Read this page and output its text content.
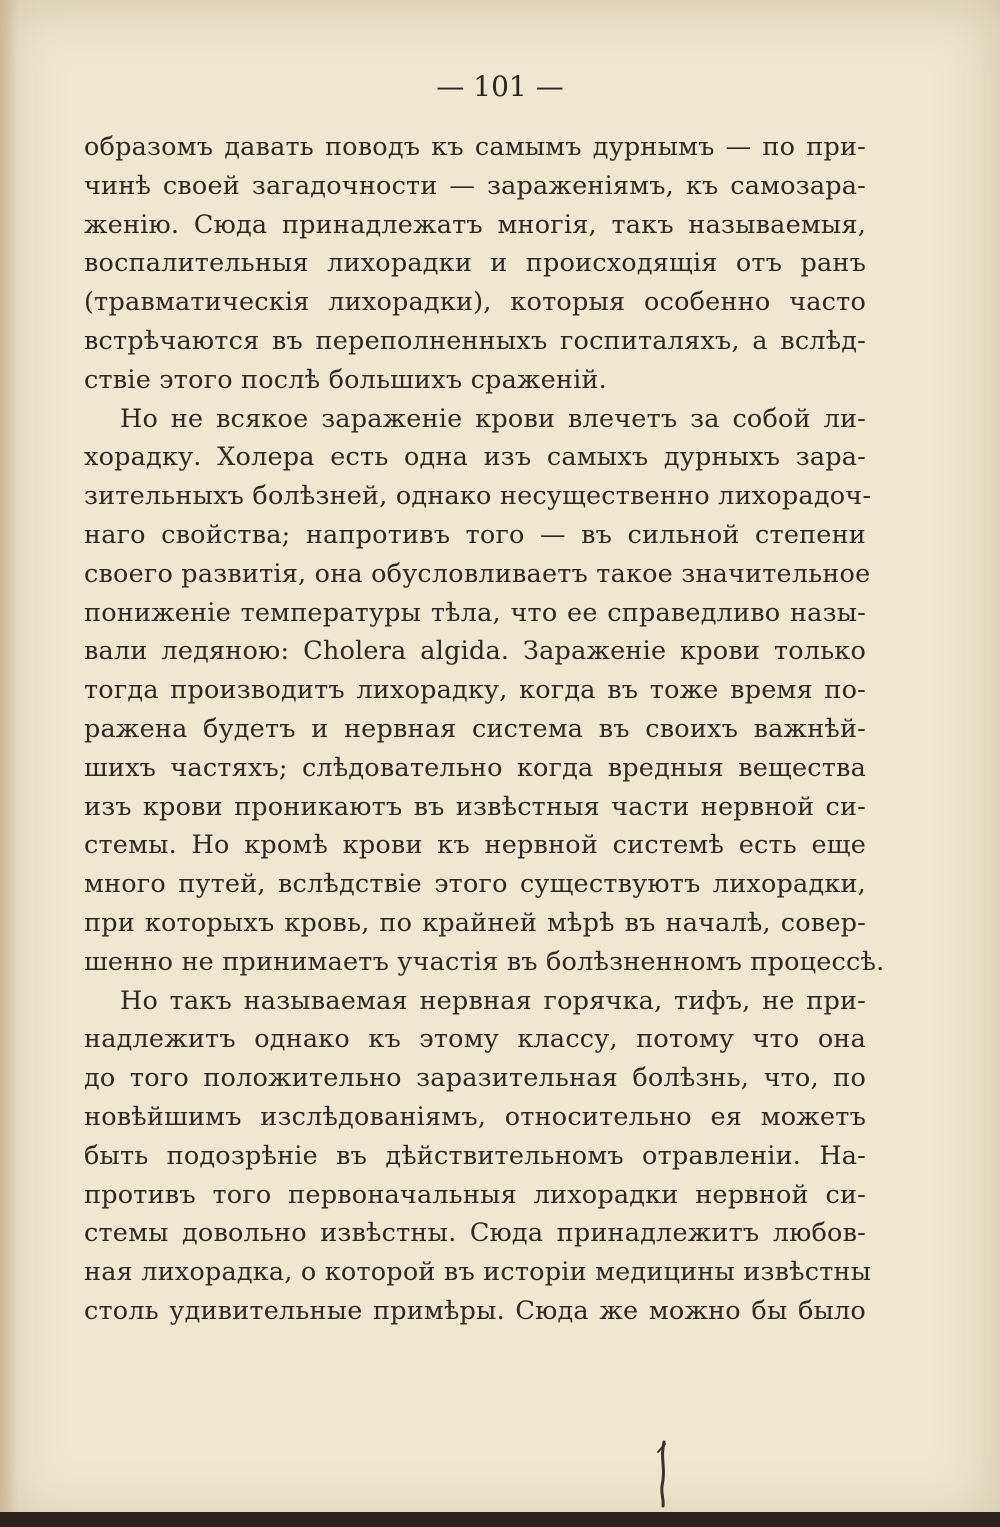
— 101 —
образомъ давать поводъ къ самымъ дурнымъ — по при-
чинѣ своей загадочности — зараженiямъ, къ самозара-
женiю. Сюда принадлежатъ многiя, такъ называемыя,
воспалительныя лихорадки и происходящiя отъ ранъ
(травматическiя лихорадки), которыя особенно часто
встрѣчаются въ переполненныхъ госпиталяхъ, а вслѣд-
ствiе этого послѣ большихъ сраженiй.
Но не всякое зараженiе крови влечетъ за собой ли-
хорадку. Холера есть одна изъ самыхъ дурныхъ зара-
зительныхъ болѣзней, однако несущественно лихорадоч-
наго свойства; напротивъ того — въ сильной степени
своего развитiя, она обусловливаетъ такое значительное
пониженiе температуры тѣла, что ее справедливо назы-
вали ледяною: Cholera algida. Зараженiе крови только
тогда производитъ лихорадку, когда въ тоже время по-
ражена будетъ и нервная система въ своихъ важнѣй-
шихъ частяхъ; слѣдовательно когда вредныя вещества
изъ крови проникаютъ въ извѣстныя части нервной си-
стемы. Но кромѣ крови къ нервной системѣ есть еще
много путей, вслѣдствiе этого существуютъ лихорадки,
при которыхъ кровь, по крайней мѣрѣ въ началѣ, совер-
шенно не принимаетъ участiя въ болѣзненномъ процессѣ.
Но такъ называемая нервная горячка, тифъ, не при-
надлежитъ однако къ этому классу, потому что она
до того положительно заразительная болѣзнь, что, по
новѣйшимъ изслѣдованiямъ, относительно ея можетъ
быть подозрѣнiе въ дѣйствительномъ отравленiи. На-
противъ того первоначальныя лихорадки нервной си-
стемы довольно извѣстны. Сюда принадлежитъ любов-
ная лихорадка, о которой въ исторiи медицины извѣстны
столь удивительные примѣры. Сюда же можно бы было
